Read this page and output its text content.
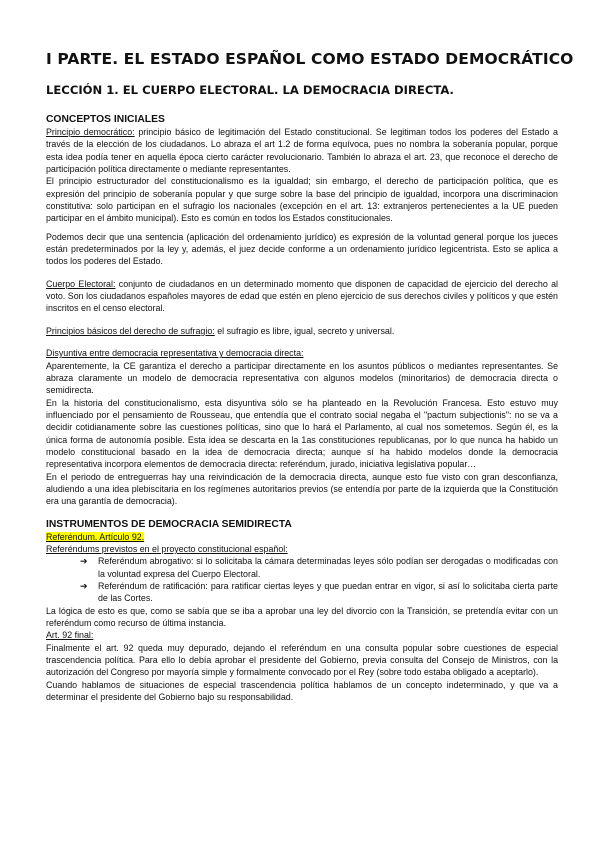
I PARTE. EL ESTADO ESPAÑOL COMO ESTADO DEMOCRÁTICO
LECCIÓN 1. EL CUERPO ELECTORAL. LA DEMOCRACIA DIRECTA.
CONCEPTOS INICIALES

Principio democrático: principio básico de legitimación del Estado constitucional. Se legitiman todos los poderes del Estado a través de la elección de los ciudadanos. Lo abraza el art 1.2 de forma equívoca, pues no nombra la soberanía popular, porque esta idea podía tener en aquella época cierto carácter revolucionario. También lo abraza el art. 23, que reconoce el derecho de participación política directamente o mediante representantes.

El principio estructurador del constitucionalismo es la igualdad; sin embargo, el derecho de participación política, que es expresión del principio de soberanía popular y que surge sobre la base del principio de igualdad, incorpora una discriminacion constitutiva: solo participan en el sufragio los nacionales (excepción en el art. 13: extranjeros pertenecientes a la UE pueden participar en el ámbito municipal). Esto es común en todos los Estados constitucionales.

Podemos decir que una sentencia (aplicación del ordenamiento jurídico) es expresión de la voluntad general porque los jueces están predeterminados por la ley y, además, el juez decide conforme a un ordenamiento jurídico legicentrista. Esto se aplica a todos los poderes del Estado.

Cuerpo Electoral: conjunto de ciudadanos en un determinado momento que disponen de capacidad de ejercicio del derecho al voto. Son los ciudadanos españoles mayores de edad que estén en pleno ejercicio de sus derechos civiles y políticos y que estén inscritos en el censo electoral.

Principios básicos del derecho de sufragio: el sufragio es libre, igual, secreto y universal.

Disyuntiva entre democracia representativa y democracia directa:

Aparentemente, la CE garantiza el derecho a participar directamente en los asuntos públicos o mediantes representantes. Se abraza claramente un modelo de democracia representativa con algunos modelos (minoritarios) de democracia directa o semidirecta.

En la historia del constitucionalismo, esta disyuntiva sólo se ha planteado en la Revolución Francesa. Esto estuvo muy influenciado por el pensamiento de Rousseau, que entendía que el contrato social negaba el "pactum subjectionis": no se va a decidir cotidianamente sobre las cuestiones políticas, sino que lo hará el Parlamento, al cual nos sometemos. Según él, es la única forma de autonomía posible. Esta idea se descarta en la 1as constituciones republicanas, por lo que nunca ha habido un modelo constitucional basado en la idea de democracia directa; aunque sí ha habido modelos donde la democracia representativa incorpora elementos de democracia directa: referéndum, jurado, iniciativa legislativa popular…

En el periodo de entreguerras hay una reivindicación de la democracia directa, aunque esto fue visto con gran desconfianza, aludiendo a una idea plebiscitaria en los regímenes autoritarios previos (se entendía por parte de la izquierda que la Constitución era una garantía de democracia).

INSTRUMENTOS DE DEMOCRACIA SEMIDIRECTA

Referéndum. Artículo 92.

Referéndums previstos en el proyecto constitucional español:

➔ Referéndum abrogativo: si lo solicitaba la cámara determinadas leyes sólo podían ser derogadas o modificadas con la voluntad expresa del Cuerpo Electoral.
➔ Referéndum de ratificación: para ratificar ciertas leyes y que puedan entrar en vigor, si así lo solicitaba cierta parte de las Cortes.

La lógica de esto es que, como se sabía que se iba a aprobar una ley del divorcio con la Transición, se pretendía evitar con un referéndum como recurso de última instancia.

Art. 92 final:

Finalmente el art. 92 queda muy depurado, dejando el referéndum en una consulta popular sobre cuestiones de especial trascendencia política. Para ello lo debía aprobar el presidente del Gobierno, previa consulta del Consejo de Ministros, con la autorización del Congreso por mayoría simple y formalmente convocado por el Rey (sobre todo estaba obligado a aceptarlo).

Cuando hablamos de situaciones de especial trascendencia política hablamos de un concepto indeterminado, y que va a determinar el presidente del Gobierno bajo su responsabilidad.
